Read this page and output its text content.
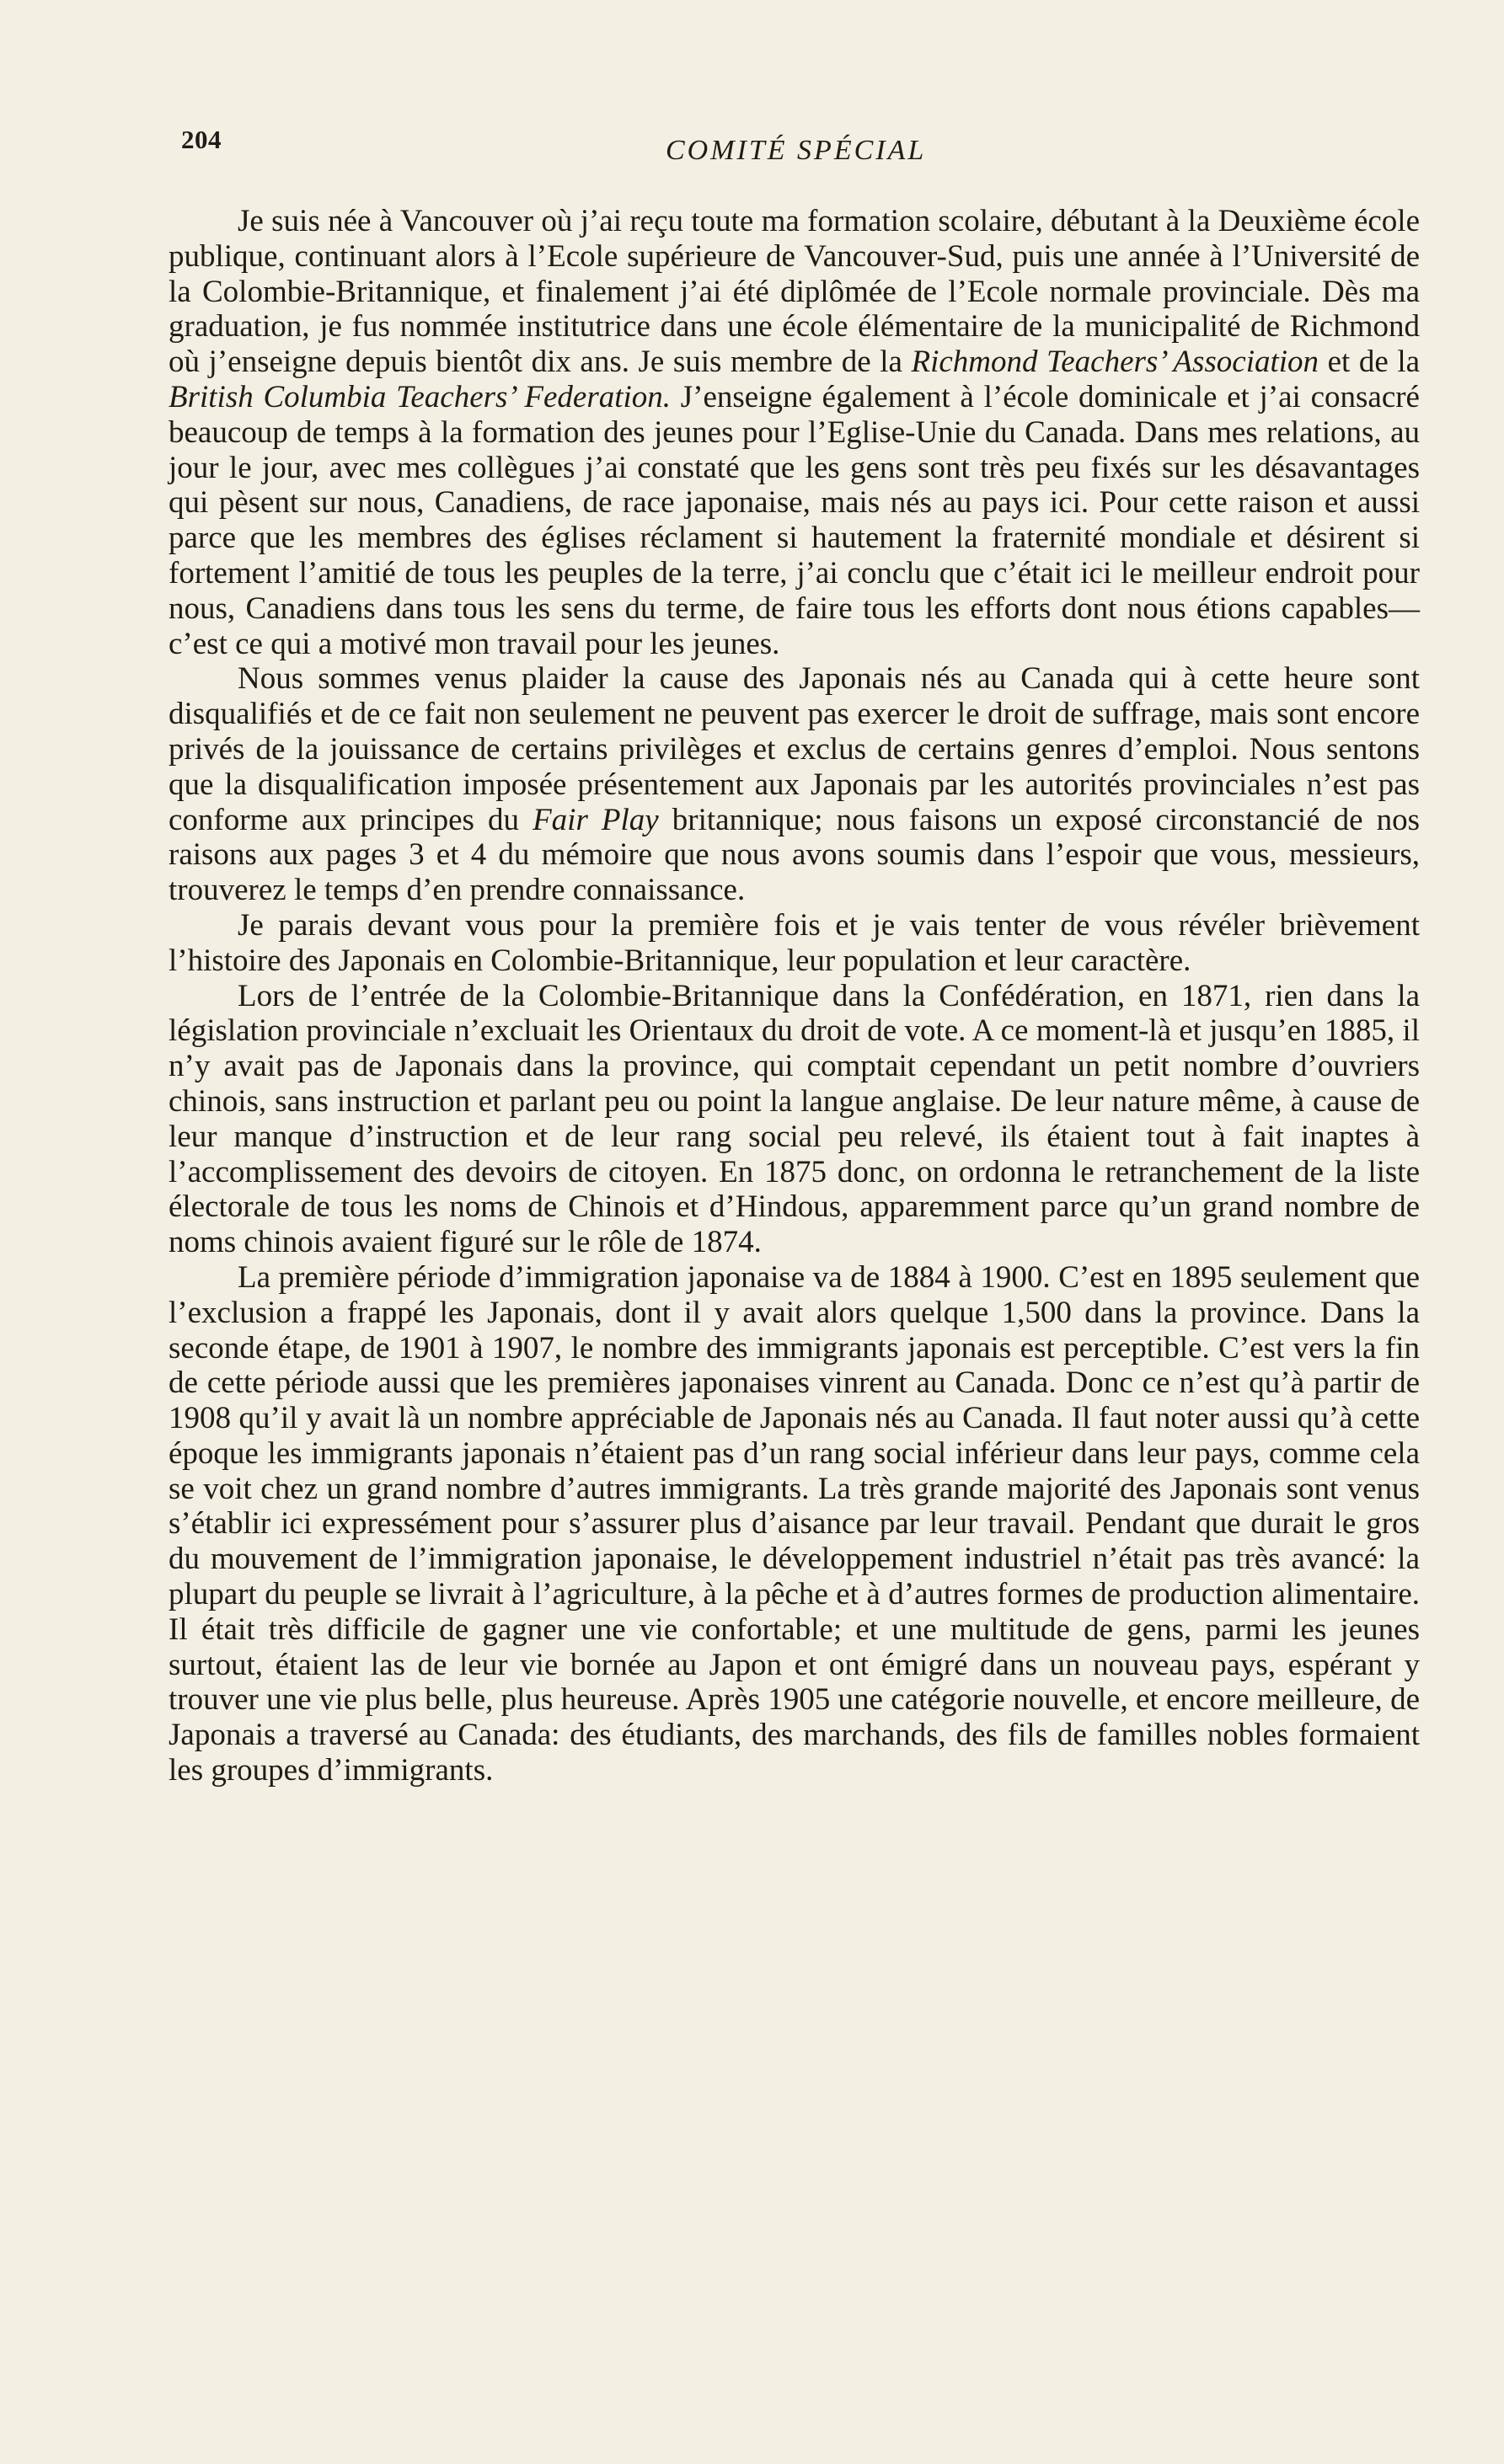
204	COMITÉ SPÉCIAL

Je suis née à Vancouver où j’ai reçu toute ma formation scolaire, débutant à la Deuxième école publique, continuant alors à l’Ecole supérieure de Vancouver-Sud, puis une année à l’Université de la Colombie-Britannique, et finalement j’ai été diplômée de l’Ecole normale provinciale. Dès ma graduation, je fus nommée institutrice dans une école élémentaire de la municipalité de Richmond où j’enseigne depuis bientôt dix ans. Je suis membre de la Richmond Teachers’ Association et de la British Columbia Teachers’ Federation. J’enseigne également à l’école dominicale et j’ai consacré beaucoup de temps à la formation des jeunes pour l’Eglise-Unie du Canada. Dans mes relations, au jour le jour, avec mes collègues j’ai constaté que les gens sont très peu fixés sur les désavantages qui pèsent sur nous, Canadiens, de race japonaise, mais nés au pays ici. Pour cette raison et aussi parce que les membres des églises réclament si hautement la fraternité mondiale et désirent si fortement l’amitié de tous les peuples de la terre, j’ai conclu que c’était ici le meilleur endroit pour nous, Canadiens dans tous les sens du terme, de faire tous les efforts dont nous étions capables—c’est ce qui a motivé mon travail pour les jeunes.

Nous sommes venus plaider la cause des Japonais nés au Canada qui à cette heure sont disqualifiés et de ce fait non seulement ne peuvent pas exercer le droit de suffrage, mais sont encore privés de la jouissance de certains privilèges et exclus de certains genres d’emploi. Nous sentons que la disqualification imposée présentement aux Japonais par les autorités provinciales n’est pas conforme aux principes du Fair Play britannique; nous faisons un exposé circonstancié de nos raisons aux pages 3 et 4 du mémoire que nous avons soumis dans l’espoir que vous, messieurs, trouverez le temps d’en prendre connaissance.

Je parais devant vous pour la première fois et je vais tenter de vous révéler brièvement l’histoire des Japonais en Colombie-Britannique, leur population et leur caractère.

Lors de l’entrée de la Colombie-Britannique dans la Confédération, en 1871, rien dans la législation provinciale n’excluait les Orientaux du droit de vote. A ce moment-là et jusqu’en 1885, il n’y avait pas de Japonais dans la province, qui comptait cependant un petit nombre d’ouvriers chinois, sans instruction et parlant peu ou point la langue anglaise. De leur nature même, à cause de leur manque d’instruction et de leur rang social peu relevé, ils étaient tout à fait inaptes à l’accomplissement des devoirs de citoyen. En 1875 donc, on ordonna le retranchement de la liste électorale de tous les noms de Chinois et d’Hindous, apparemment parce qu’un grand nombre de noms chinois avaient figuré sur le rôle de 1874.

La première période d’immigration japonaise va de 1884 à 1900. C’est en 1895 seulement que l’exclusion a frappé les Japonais, dont il y avait alors quelque 1,500 dans la province. Dans la seconde étape, de 1901 à 1907, le nombre des immigrants japonais est perceptible. C’est vers la fin de cette période aussi que les premières japonaises vinrent au Canada. Donc ce n’est qu’à partir de 1908 qu’il y avait là un nombre appréciable de Japonais nés au Canada. Il faut noter aussi qu’à cette époque les immigrants japonais n’étaient pas d’un rang social inférieur dans leur pays, comme cela se voit chez un grand nombre d’autres immigrants. La très grande majorité des Japonais sont venus s’établir ici expressément pour s’assurer plus d’aisance par leur travail. Pendant que durait le gros du mouvement de l’immigration japonaise, le développement industriel n’était pas très avancé: la plupart du peuple se livrait à l’agriculture, à la pêche et à d’autres formes de production alimentaire. Il était très difficile de gagner une vie confortable; et une multitude de gens, parmi les jeunes surtout, étaient las de leur vie bornée au Japon et ont émigré dans un nouveau pays, espérant y trouver une vie plus belle, plus heureuse. Après 1905 une catégorie nouvelle, et encore meilleure, de Japonais a traversé au Canada: des étudiants, des marchands, des fils de familles nobles formaient les groupes d’immigrants.
